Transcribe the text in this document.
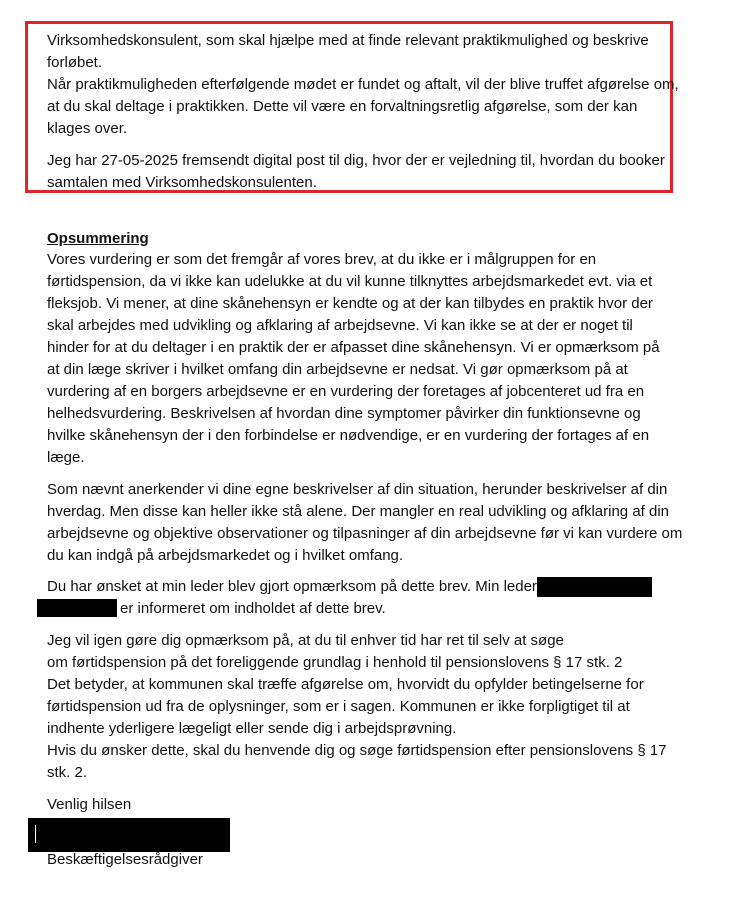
Virksomhedskonsulent, som skal hjælpe med at finde relevant praktikmulighed og beskrive
forløbet.
Når praktikmuligheden efterfølgende mødet er fundet og aftalt, vil der blive truffet afgørelse om,
at du skal deltage i praktikken. Dette vil være en forvaltningsretlig afgørelse, som der kan
klages over.
Jeg har 27-05-2025 fremsendt digital post til dig, hvor der er vejledning til, hvordan du booker
samtalen med Virksomhedskonsulenten.
Opsummering
Vores vurdering er som det fremgår af vores brev, at du ikke er i målgruppen for en
førtidspension, da vi ikke kan udelukke at du vil kunne tilknyttes arbejdsmarkedet evt. via et
fleksjob. Vi mener, at dine skånehensyn er kendte og at der kan tilbydes en praktik hvor der
skal arbejdes med udvikling og afklaring af arbejdsevne. Vi kan ikke se at der er noget til
hinder for at du deltager i en praktik der er afpasset dine skånehensyn. Vi er opmærksom på
at din læge skriver i hvilket omfang din arbejdsevne er nedsat. Vi gør opmærksom på at
vurdering af en borgers arbejdsevne er en vurdering der foretages af jobcenteret ud fra en
helhedsvurdering. Beskrivelsen af hvordan dine symptomer påvirker din funktionsevne og
hvilke skånehensyn der i den forbindelse er nødvendige, er en vurdering der fortages af en
læge.
Som nævnt anerkender vi dine egne beskrivelser af din situation, herunder beskrivelser af din
hverdag. Men disse kan heller ikke stå alene. Der mangler en real udvikling og afklaring af din
arbejdsevne og objektive observationer og tilpasninger af din arbejdsevne før vi kan vurdere om
du kan indgå på arbejdsmarkedet og i hvilket omfang.
Du har ønsket at min leder blev gjort opmærksom på dette brev. Min leder
er informeret om indholdet af dette brev.
Jeg vil igen gøre dig opmærksom på, at du til enhver tid har ret til selv at søge
om førtidspension på det foreliggende grundlag i henhold til pensionslovens § 17 stk. 2
Det betyder, at kommunen skal træffe afgørelse om, hvorvidt du opfylder betingelserne for
førtidspension ud fra de oplysninger, som er i sagen. Kommunen er ikke forpligtiget til at
indhente yderligere lægeligt eller sende dig i arbejdsprøvning.
Hvis du ønsker dette, skal du henvende dig og søge førtidspension efter pensionslovens § 17
stk. 2.
Venlig hilsen
Beskæftigelsesrådgiver
